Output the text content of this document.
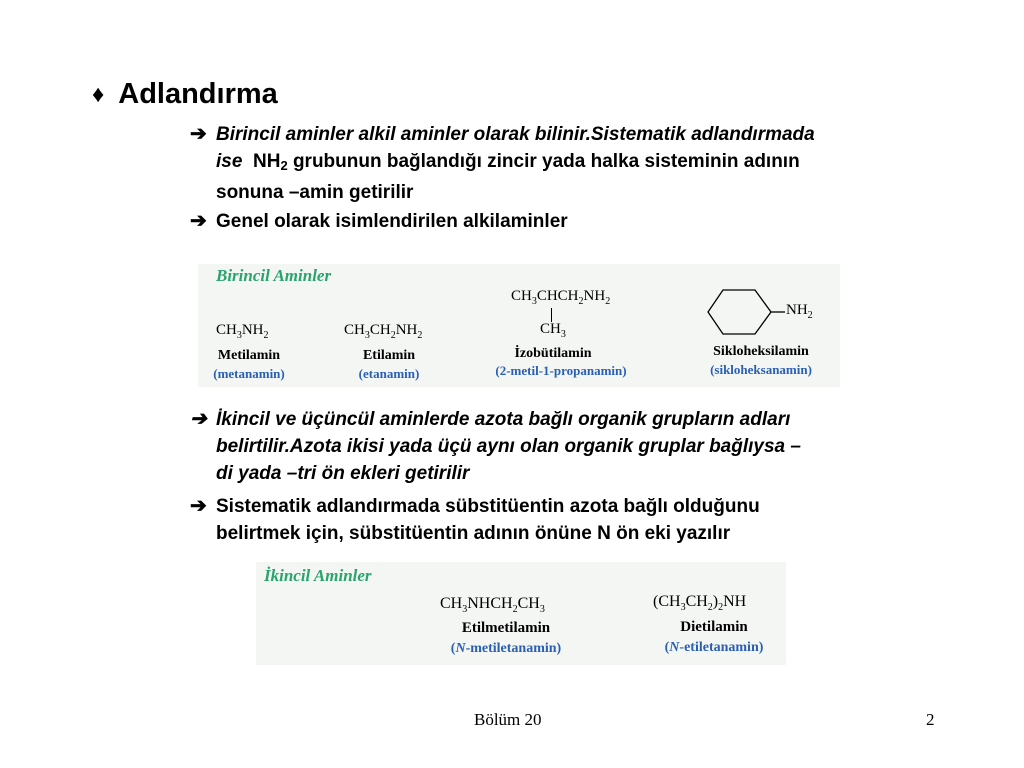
♦ Adlandırma
➔ Birincil aminler alkil aminler olarak bilinir.Sistematik adlandırmada
ise $NH_2$ grubunun bağlandığı zincir yada halka sisteminin adının
sonuna –amin getirilir
➔ Genel olarak isimlendirilen alkilaminler
Birincil Aminler
$CH_3NH_2$
Metilamin
(metanamin)
$CH_3CH_2NH_2$
Etilamin
(etanamin)
$CH_3CHCH_2NH_2$
$CH_3$
İzobütilamin
(2-metil-1-propanamin)
$NH_2$
Sikloheksilamin
(sikloheksanamin)
➔ İkincil ve üçüncül aminlerde azota bağlı organik grupların adları
belirtilir.Azota ikisi yada üçü aynı olan organik gruplar bağlıysa –
di yada –tri ön ekleri getirilir
➔ Sistematik adlandırmada sübstitüentin azota bağlı olduğunu
belirtmek için, sübstitüentin adının önüne N ön eki yazılır
İkincil Aminler
$CH_3NHCH_2CH_3$
Etilmetilamin
(N-metiletanamin)
$(CH_3CH_2)_2NH$
Dietilamin
(N-etiletanamin)
Bölüm 20	2
